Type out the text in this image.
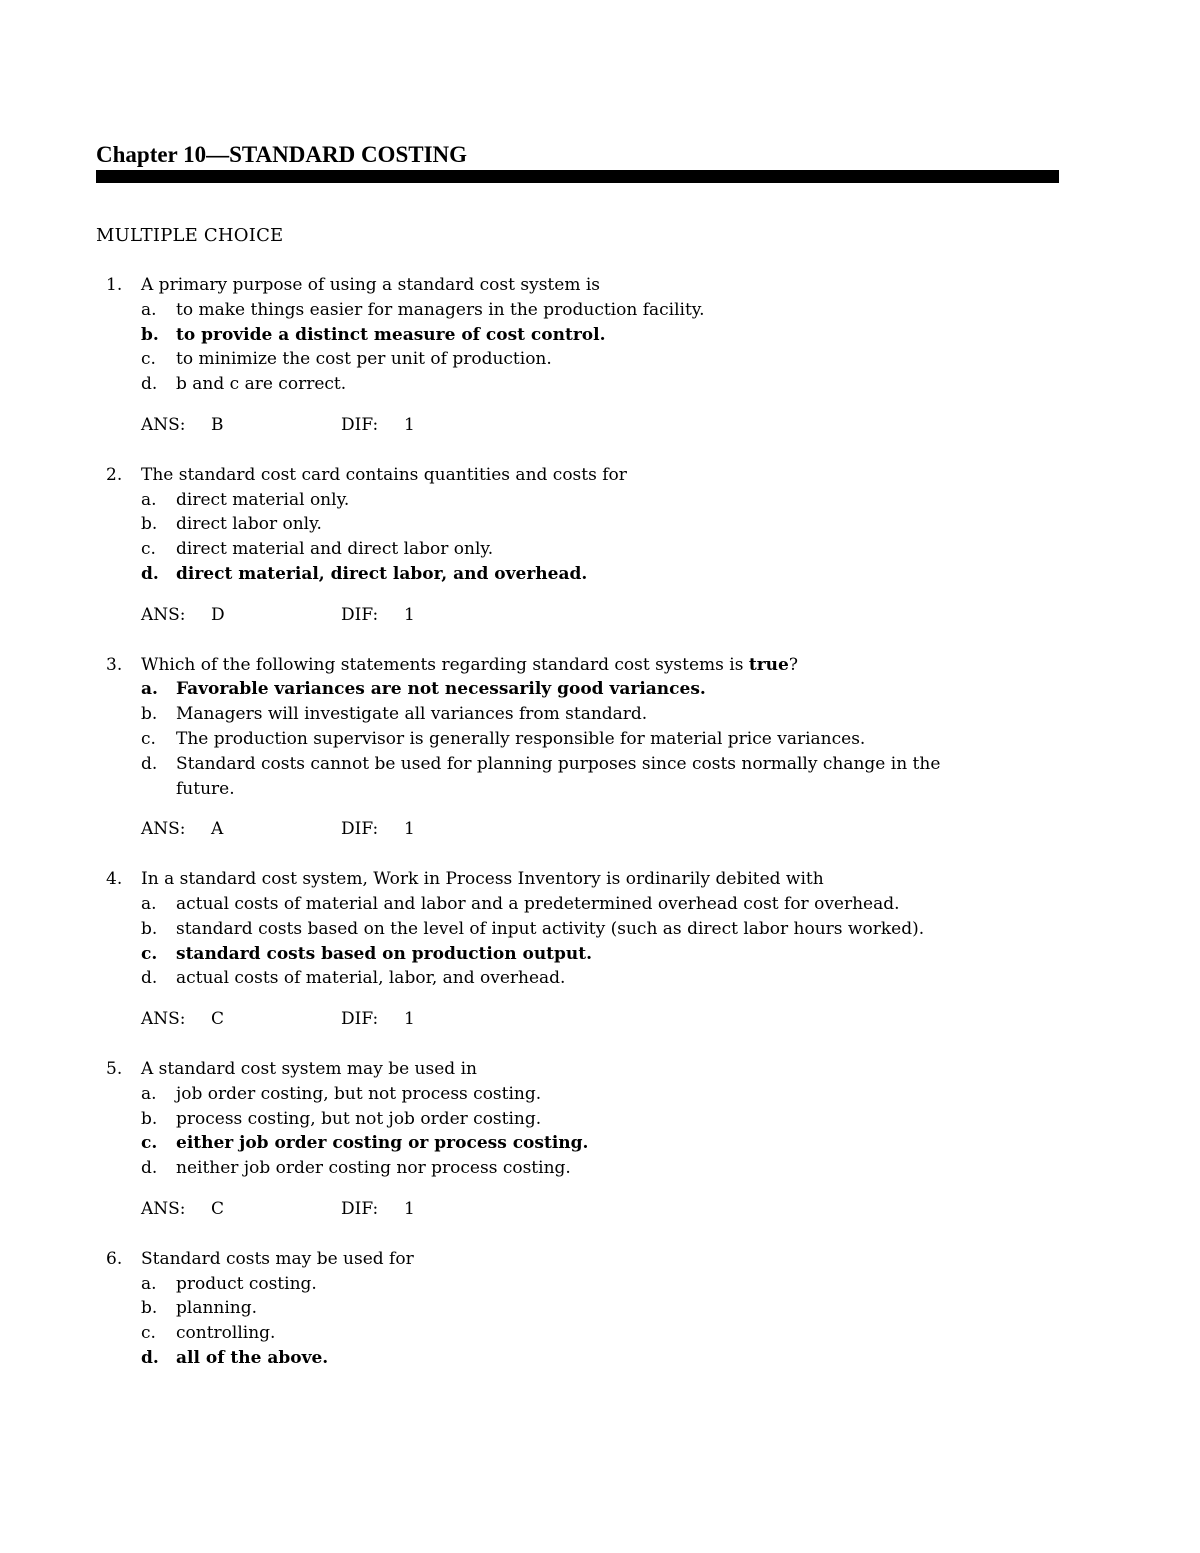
Chapter 10—STANDARD COSTING
MULTIPLE CHOICE
1.	A primary purpose of using a standard cost system is
a.	to make things easier for managers in the production facility.
b.	to provide a distinct measure of cost control.
c.	to minimize the cost per unit of production.
d.	b and c are correct.
ANS: B	DIF: 1
2.	The standard cost card contains quantities and costs for
a.	direct material only.
b.	direct labor only.
c.	direct material and direct labor only.
d.	direct material, direct labor, and overhead.
ANS: D	DIF: 1
3.	Which of the following statements regarding standard cost systems is true?
a.	Favorable variances are not necessarily good variances.
b.	Managers will investigate all variances from standard.
c.	The production supervisor is generally responsible for material price variances.
d.	Standard costs cannot be used for planning purposes since costs normally change in the future.
ANS: A	DIF: 1
4.	In a standard cost system, Work in Process Inventory is ordinarily debited with
a.	actual costs of material and labor and a predetermined overhead cost for overhead.
b.	standard costs based on the level of input activity (such as direct labor hours worked).
c.	standard costs based on production output.
d.	actual costs of material, labor, and overhead.
ANS: C	DIF: 1
5.	A standard cost system may be used in
a.	job order costing, but not process costing.
b.	process costing, but not job order costing.
c.	either job order costing or process costing.
d.	neither job order costing nor process costing.
ANS: C	DIF: 1
6.	Standard costs may be used for
a.	product costing.
b.	planning.
c.	controlling.
d.	all of the above.
